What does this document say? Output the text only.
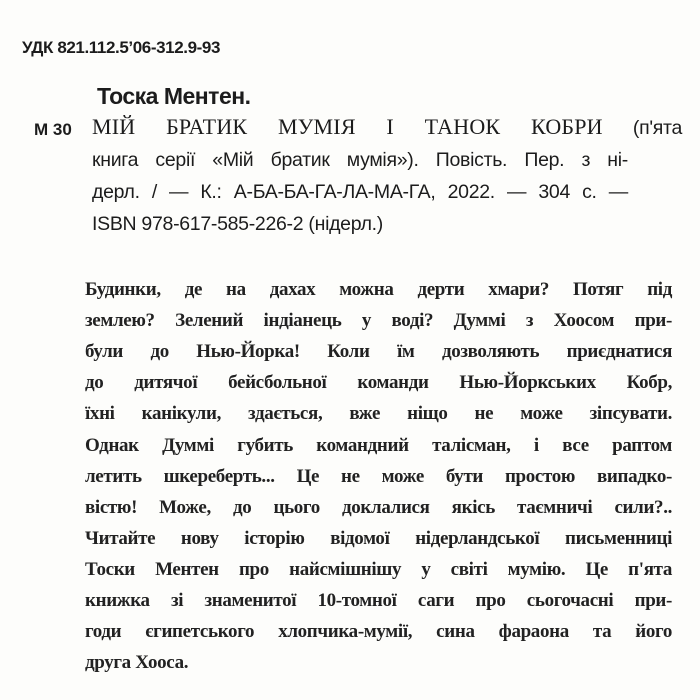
УДК 821.112.5’06-312.9-93
Тоска Ментен.
М 30 МІЙ БРАТИК МУМІЯ І ТАНОК КОБРИ (п'ята
книга серії «Мій братик мумія»). Повість. Пер. з ні-
дерл. / — К.: А-БА-БА-ГА-ЛА-МА-ГА, 2022. — 304 с. —
ISBN 978-617-585-226-2 (нідерл.)
Будинки, де на дахах можна дерти хмари? Потяг під
землею? Зелений індіанець у воді? Думмі з Хоосом при-
були до Нью-Йорка! Коли їм дозволяють приєднатися
до дитячої бейсбольної команди Нью-Йоркських Кобр,
їхні канікули, здається, вже ніщо не може зіпсувати.
Однак Думмі губить командний талісман, і все раптом
летить шкереберть... Це не може бути простою випадко-
вістю! Може, до цього доклалися якісь таємничі сили?..
Читайте нову історію відомої нідерландської письменниці
Тоски Ментен про найсмішнішу у світі мумію. Це п'ята
книжка зі знаменитої 10-томної саги про сьогочасні при-
годи єгипетського хлопчика-мумії, сина фараона та його
друга Хооса.
